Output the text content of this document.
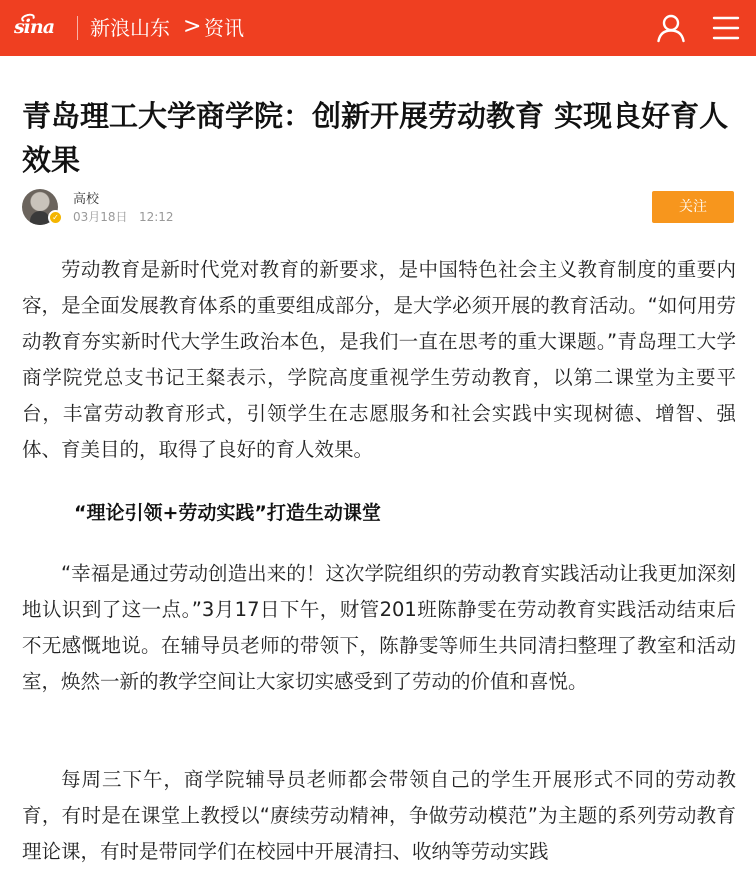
sina 新浪山东 > 资讯
青岛理工大学商学院：创新开展劳动教育 实现良好育人效果
✓
高校
03月18日   12:12
关注

劳动教育是新时代党对教育的新要求，是中国特色社会主义教育制度的重要内容，是全面发展教育体系的重要组成部分，是大学必须开展的教育活动。“如何用劳动教育夯实新时代大学生政治本色，是我们一直在思考的重大课题。”青岛理工大学商学院党总支书记王粲表示，学院高度重视学生劳动教育，以第二课堂为主要平台，丰富劳动教育形式，引领学生在志愿服务和社会实践中实现树德、增智、强体、育美目的，取得了良好的育人效果。

“理论引领+劳动实践”打造生动课堂

“幸福是通过劳动创造出来的！这次学院组织的劳动教育实践活动让我更加深刻地认识到了这一点。”3月17日下午，财管201班陈静雯在劳动教育实践活动结束后不无感慨地说。在辅导员老师的带领下，陈静雯等师生共同清扫整理了教室和活动室，焕然一新的教学空间让大家切实感受到了劳动的价值和喜悦。

每周三下午，商学院辅导员老师都会带领自己的学生开展形式不同的劳动教育，有时是在课堂上教授以“赓续劳动精神，争做劳动模范”为主题的系列劳动教育理论课，有时是带同学们在校园中开展清扫、收纳等劳动实践
